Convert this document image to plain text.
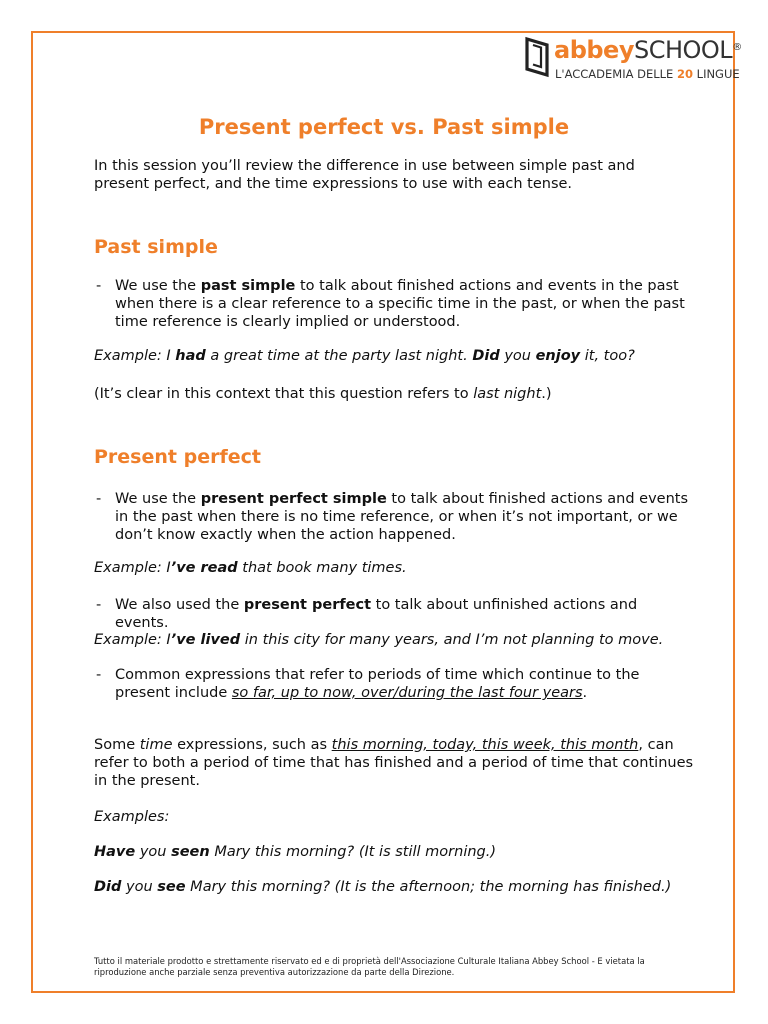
abbeySCHOOL®
L'ACCADEMIA DELLE 20 LINGUE
Present perfect vs. Past simple

In this session you’ll review the difference in use between simple past and present perfect, and the time expressions to use with each tense.

Past simple

- We use the past simple to talk about finished actions and events in the past when there is a clear reference to a specific time in the past, or when the past time reference is clearly implied or understood.

Example: I had a great time at the party last night. Did you enjoy it, too?

(It’s clear in this context that this question refers to last night.)

Present perfect

- We use the present perfect simple to talk about finished actions and events in the past when there is no time reference, or when it’s not important, or we don’t know exactly when the action happened.

Example: I’ve read that book many times.

- We also used the present perfect to talk about unfinished actions and events.

Example: I’ve lived in this city for many years, and I’m not planning to move.

- Common expressions that refer to periods of time which continue to the present include so far, up to now, over/during the last four years.

Some time expressions, such as this morning, today, this week, this month, can refer to both a period of time that has finished and a period of time that continues in the present.

Examples:

Have you seen Mary this morning? (It is still morning.)

Did you see Mary this morning? (It is the afternoon; the morning has finished.)

Tutto il materiale prodotto e strettamente riservato ed e di proprietà dell'Associazione Culturale Italiana Abbey School - E vietata la riproduzione anche parziale senza preventiva autorizzazione da parte della Direzione.
